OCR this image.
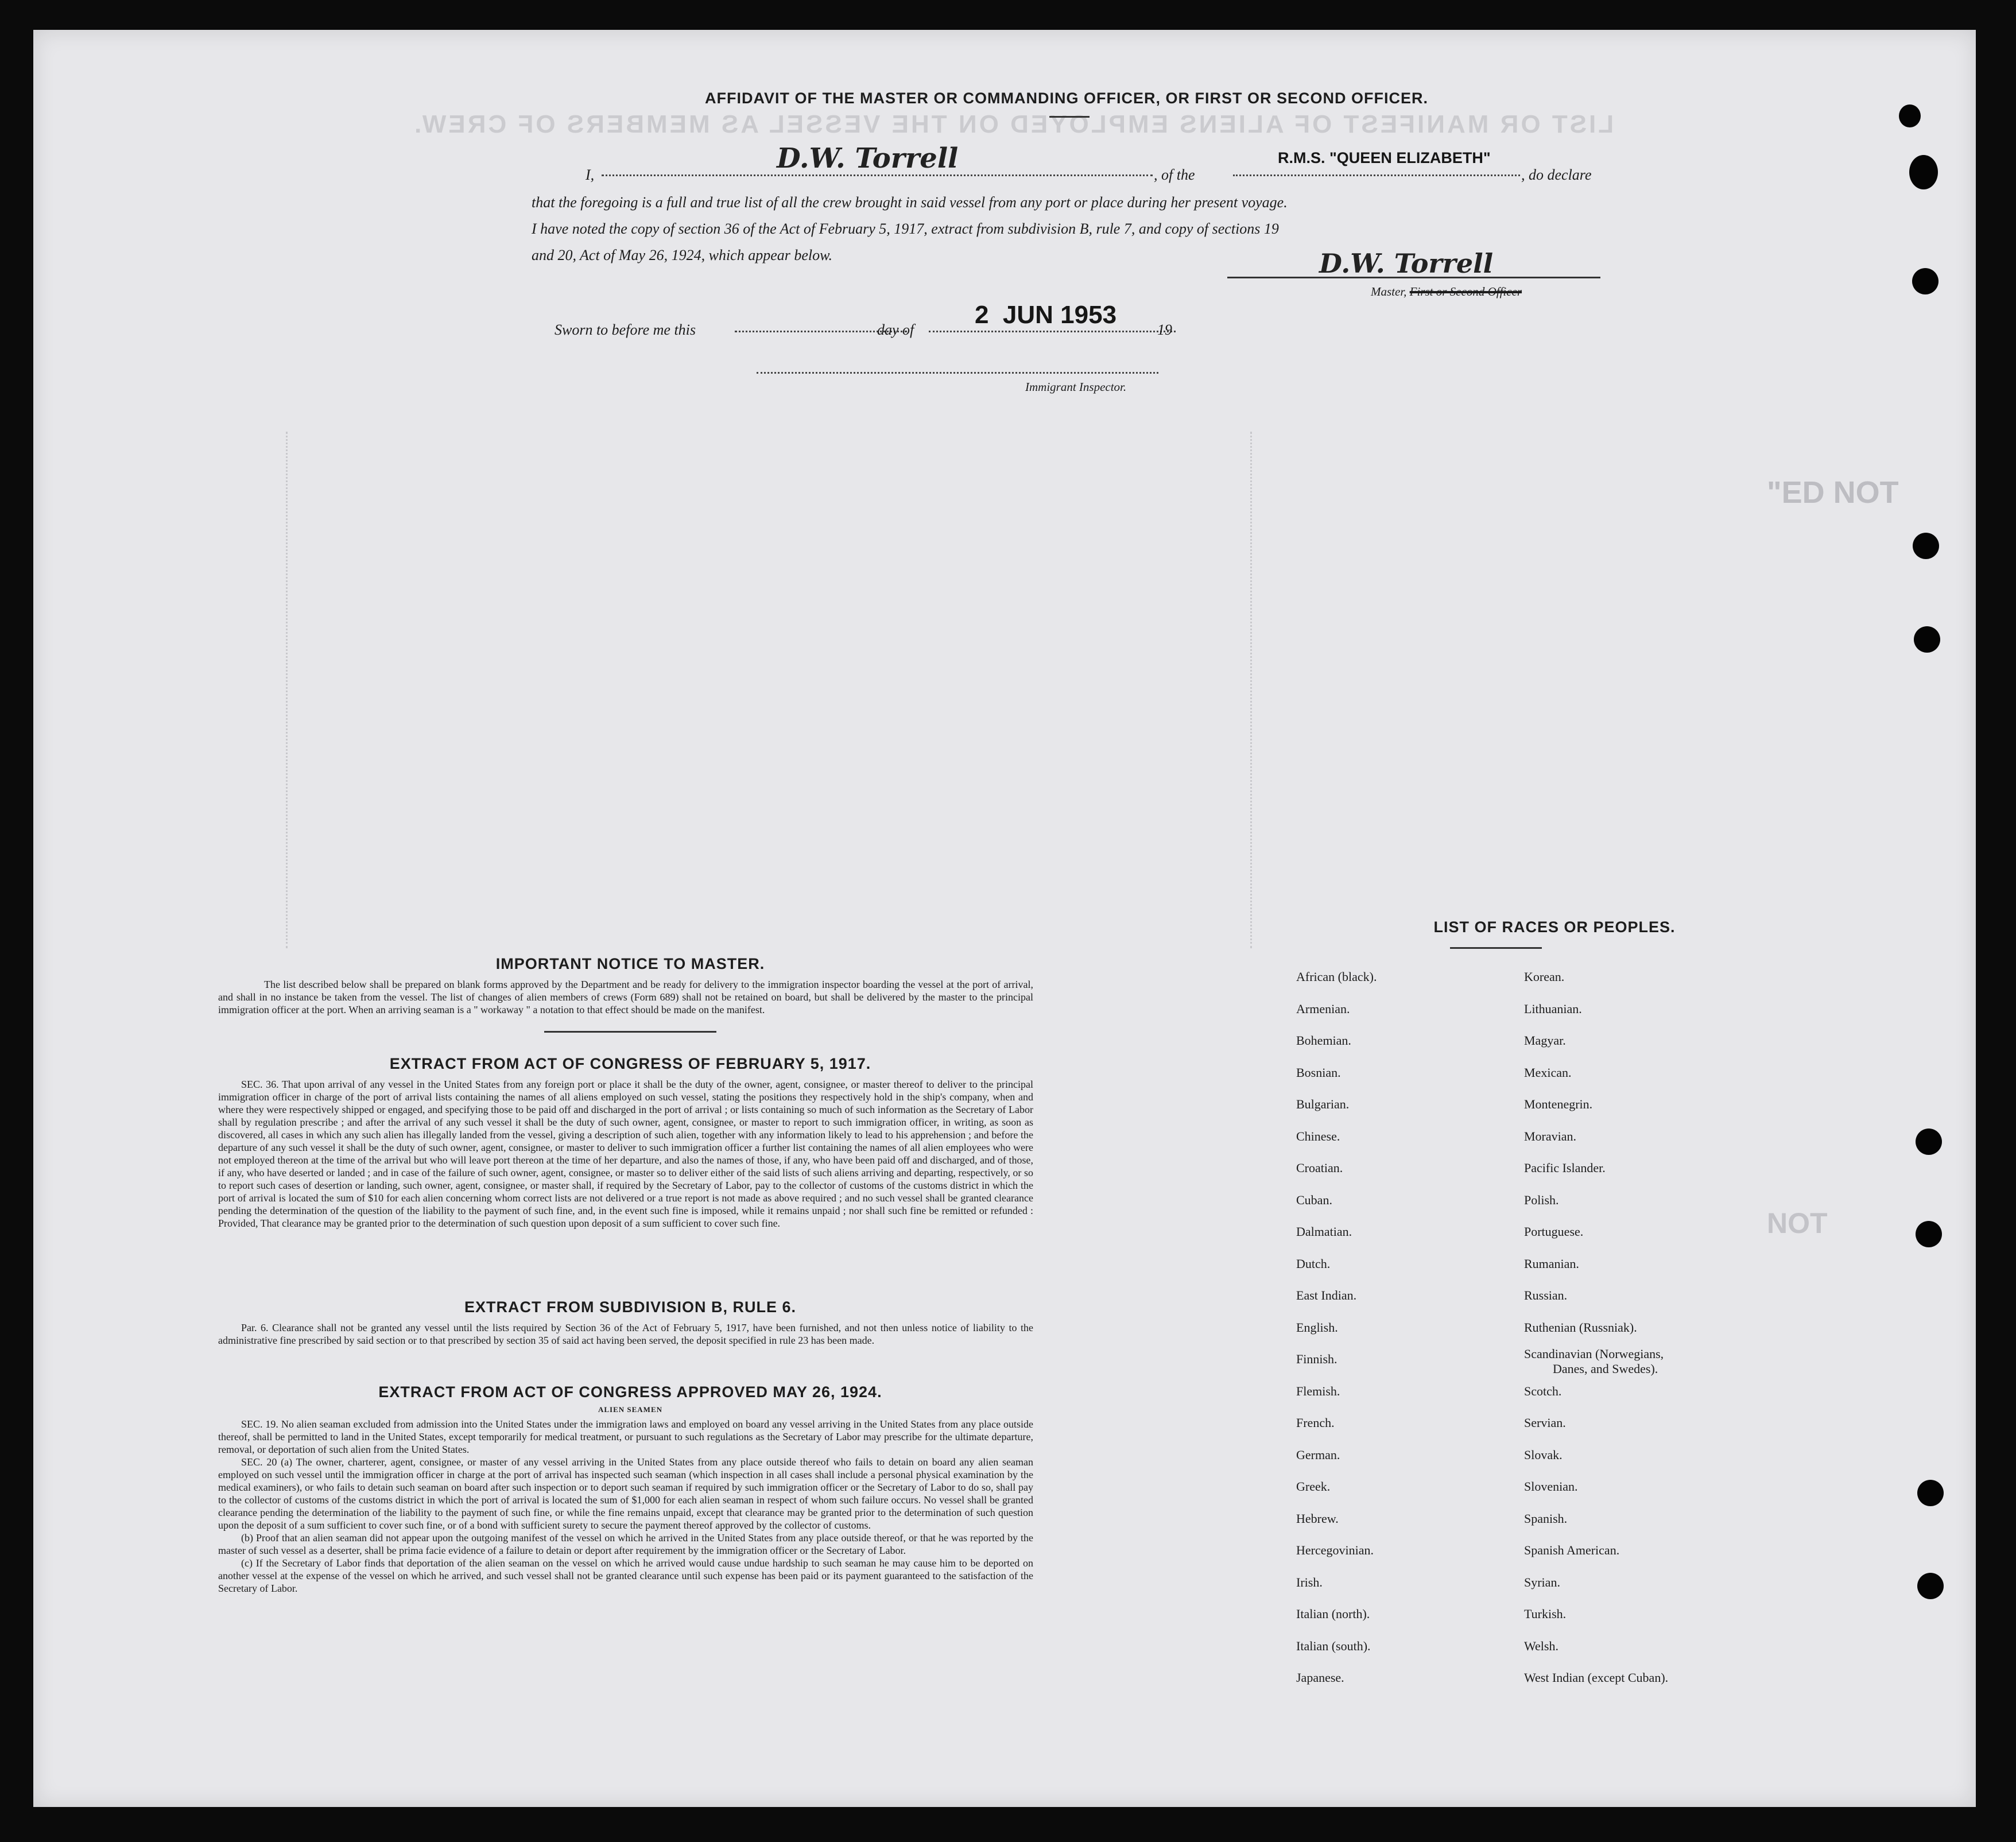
LIST OR MANIFEST OF ALIENS EMPLOYED ON THE VESSEL AS MEMBERS OF CREW.
AFFIDAVIT OF THE MASTER OR COMMANDING OFFICER, OR FIRST OR SECOND OFFICER.
I,
D.W. Torrell
, of the
R.M.S. "QUEEN ELIZABETH"
, do declare
that the foregoing is a full and true list of all the crew brought in said vessel from any port or place during her present voyage.
I have noted the copy of section 36 of the Act of February 5, 1917, extract from subdivision B, rule 7, and copy of sections 19
and 20, Act of May 26, 1924, which appear below.	D.W. Torrell
Master, First or Second Officer
Sworn to before me this	day of
2  JUN 1953
19
Immigrant Inspector.
IMPORTANT NOTICE TO MASTER.
The list described below shall be prepared on blank forms approved by the Department and be ready for delivery to the immigration inspector boarding the vessel at the port of arrival, and shall in no instance be taken from the vessel. The list of changes of alien members of crews (Form 689) shall not be retained on board, but shall be delivered by the master to the principal immigration officer at the port. When an arriving seaman is a " workaway " a notation to that effect should be made on the manifest.
EXTRACT FROM ACT OF CONGRESS OF FEBRUARY 5, 1917.
SEC. 36. That upon arrival of any vessel in the United States from any foreign port or place it shall be the duty of the owner, agent, consignee, or master thereof to deliver to the principal immigration officer in charge of the port of arrival lists containing the names of all aliens employed on such vessel, stating the positions they respectively hold in the ship's company, when and where they were respectively shipped or engaged, and specifying those to be paid off and discharged in the port of arrival ; or lists containing so much of such information as the Secretary of Labor shall by regulation prescribe ; and after the arrival of any such vessel it shall be the duty of such owner, agent, consignee, or master to report to such immigration officer, in writing, as soon as discovered, all cases in which any such alien has illegally landed from the vessel, giving a description of such alien, together with any information likely to lead to his apprehension ; and before the departure of any such vessel it shall be the duty of such owner, agent, consignee, or master to deliver to such immigration officer a further list containing the names of all alien employees who were not employed thereon at the time of the arrival but who will leave port thereon at the time of her departure, and also the names of those, if any, who have been paid off and discharged, and of those, if any, who have deserted or landed ; and in case of the failure of such owner, agent, consignee, or master so to deliver either of the said lists of such aliens arriving and departing, respectively, or so to report such cases of desertion or landing, such owner, agent, consignee, or master shall, if required by the Secretary of Labor, pay to the collector of customs of the customs district in which the port of arrival is located the sum of $10 for each alien concerning whom correct lists are not delivered or a true report is not made as above required ; and no such vessel shall be granted clearance pending the determination of the question of the liability to the payment of such fine, and, in the event such fine is imposed, while it remains unpaid ; nor shall such fine be remitted or refunded : Provided, That clearance may be granted prior to the determination of such question upon deposit of a sum sufficient to cover such fine.
EXTRACT FROM SUBDIVISION B, RULE 6.
Par. 6. Clearance shall not be granted any vessel until the lists required by Section 36 of the Act of February 5, 1917, have been furnished, and not then unless notice of liability to the administrative fine prescribed by said section or to that prescribed by section 35 of said act having been served, the deposit specified in rule 23 has been made.
EXTRACT FROM ACT OF CONGRESS APPROVED MAY 26, 1924.
ALIEN SEAMEN
SEC. 19. No alien seaman excluded from admission into the United States under the immigration laws and employed on board any vessel arriving in the United States from any place outside thereof, shall be permitted to land in the United States, except temporarily for medical treatment, or pursuant to such regulations as the Secretary of Labor may prescribe for the ultimate departure, removal, or deportation of such alien from the United States.
SEC. 20 (a) The owner, charterer, agent, consignee, or master of any vessel arriving in the United States from any place outside thereof who fails to detain on board any alien seaman employed on such vessel until the immigration officer in charge at the port of arrival has inspected such seaman (which inspection in all cases shall include a personal physical examination by the medical examiners), or who fails to detain such seaman on board after such inspection or to deport such seaman if required by such immigration officer or the Secretary of Labor to do so, shall pay to the collector of customs of the customs district in which the port of arrival is located the sum of $1,000 for each alien seaman in respect of whom such failure occurs. No vessel shall be granted clearance pending the determination of the liability to the payment of such fine, or while the fine remains unpaid, except that clearance may be granted prior to the determination of such question upon the deposit of a sum sufficient to cover such fine, or of a bond with sufficient surety to secure the payment thereof approved by the collector of customs.
(b) Proof that an alien seaman did not appear upon the outgoing manifest of the vessel on which he arrived in the United States from any place outside thereof, or that he was reported by the master of such vessel as a deserter, shall be prima facie evidence of a failure to detain or deport after requirement by the immigration officer or the Secretary of Labor.
(c) If the Secretary of Labor finds that deportation of the alien seaman on the vessel on which he arrived would cause undue hardship to such seaman he may cause him to be deported on another vessel at the expense of the vessel on which he arrived, and such vessel shall not be granted clearance until such expense has been paid or its payment guaranteed to the satisfaction of the Secretary of Labor.
LIST OF RACES OR PEOPLES.
African (black).
Armenian.
Bohemian.
Bosnian.
Bulgarian.
Chinese.
Croatian.
Cuban.
Dalmatian.
Dutch.
East Indian.
English.
Finnish.
Flemish.
French.
German.
Greek.
Hebrew.
Hercegovinian.
Irish.
Italian (north).
Italian (south).
Japanese.
Korean.
Lithuanian.
Magyar.
Mexican.
Montenegrin.
Moravian.
Pacific Islander.
Polish.
Portuguese.
Rumanian.
Russian.
Ruthenian (Russniak).
Scandinavian (Norwegians,
Danes, and Swedes).
Scotch.
Servian.
Slovak.
Slovenian.
Spanish.
Spanish American.
Syrian.
Turkish.
Welsh.
West Indian (except Cuban).
"ED NOT
NOT
